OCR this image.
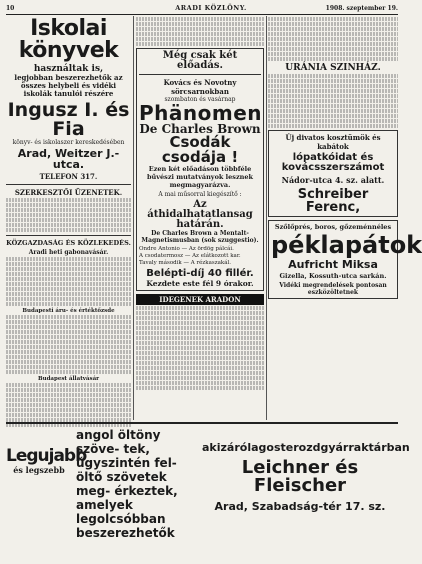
10	ARADI KÖZLÖNY.	1908. szeptember 19.
Iskolai könyvek
használtak is,
legjobban beszerezhetők az összes helybeli és vidéki iskolák tanulói részére
Ingusz I. és Fia
könyv- és iskolaszer kereskedésében
Arad, Weitzer J.-utca.
TELEFON 317.
SZERKESZTŐI ÜZENETEK.
KÖZGAZDASÁG ÉS KÖZLEKEDÉS.
Aradi heti gabonavásár.
Budapesti áru- és értéktőzsde
Budapest állatvásár
Még csak két előadás.
Kovács és Novotny sörcsarnokban
szombaton és vasárnap
Phänomen
De Charles Brown
Csodák csodája !
Ezen két előadáson többféle bűvészi mutatványok lesznek megmagyarázva.
A mai műsorral kiegészítő :
Az áthidalhatatlansag határán.
De Charles Brown a Mentalt-Magnetismusban (sok szuggestio).
Ondre Antonio — Az ördög pálcái.
A csodatermosz — Az elátkozott kar.
Tavaly második — A rézkaszakál.
Belépti-díj 40 fillér.
Kezdete este fél 9 órakor.
IDEGENEK ARADON
URÁNIA SZINHÁZ.
Új divatos kosztümök és kabátok
lópatkóidat és kovácsszerszámot
Nádor-utca 4. sz. alatt.
Schreiber Ferenc,
Szőlőprés, boros, gőzeménnéles
péklapátok
Aufricht Miksa
Gizella, Kossuth-utca sarkán.
Vidéki megrendelések pontosan eszközöltetnek
Legujabb
és legszebb
angol öltöny szöve- tek, úgyszintén fel- öltő szövetek meg- érkeztek, amelyek legolcsóbban beszerezhetők
akizárólagosterozdgyárraktárban
Leichner és Fleischer
Arad, Szabadság-tér 17. sz.
